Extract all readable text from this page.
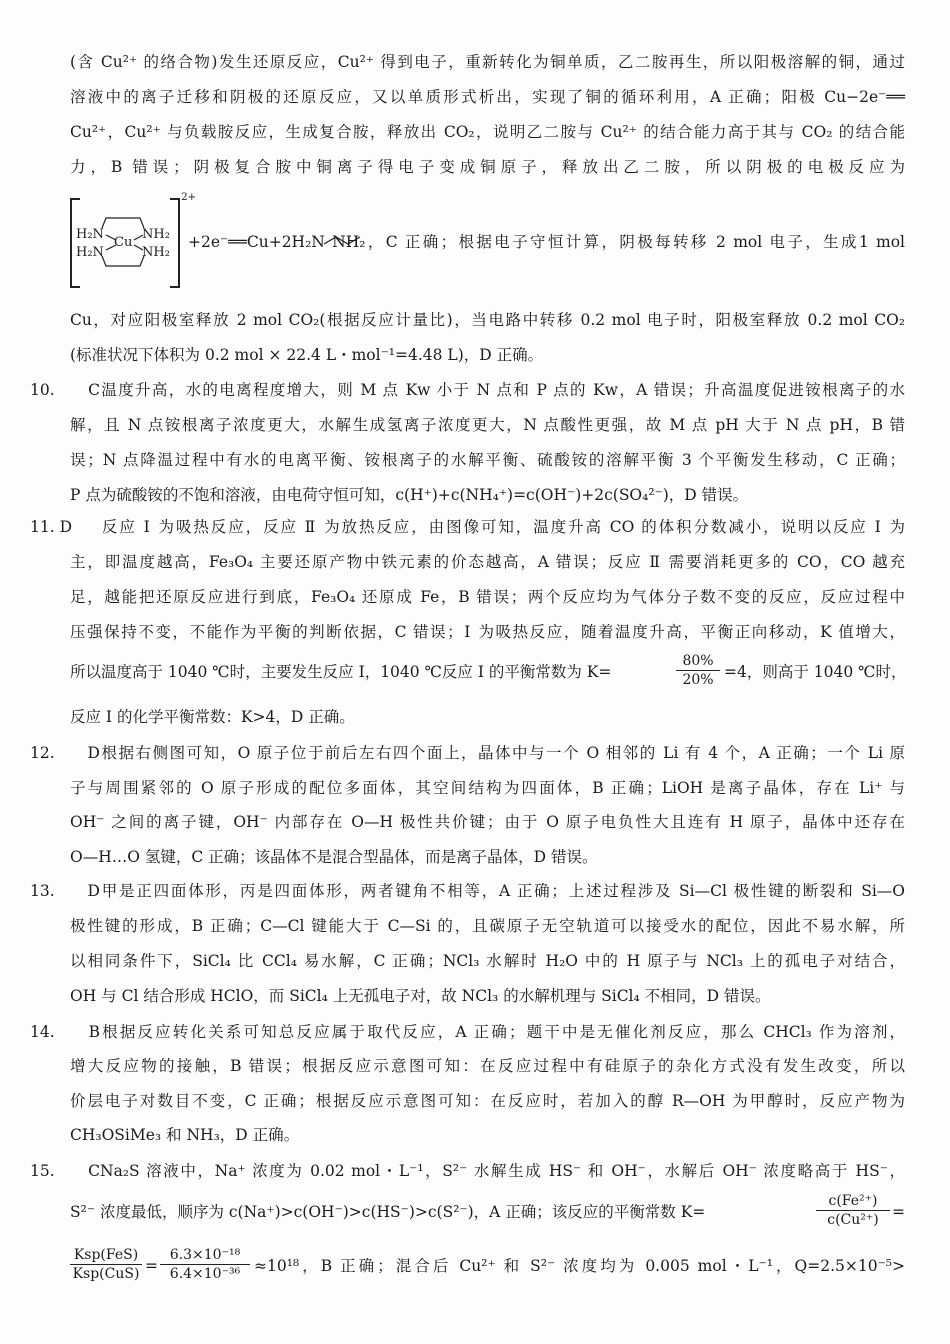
(含 Cu²⁺ 的络合物)发生还原反应，Cu²⁺ 得到电子，重新转化为铜单质，乙二胺再生，所以阳极溶解的铜，通过
溶液中的离子迁移和阴极的还原反应，又以单质形式析出，实现了铜的循环利用，A 正确；阳极 Cu−2e⁻══
Cu²⁺，Cu²⁺ 与负载胺反应，生成复合胺，释放出 CO₂，说明乙二胺与 Cu²⁺ 的结合能力高于其与 CO₂ 的结合能
力，B 错误；阴极复合胺中铜离子得电子变成铜原子，释放出乙二胺，所以阴极的电极反应为
H₂N
H₂N
Cu
NH₂
NH₂
2+
+2e⁻══Cu+2H₂N NH₂，C 正确；根据电子守恒计算，阴极每转移 2 mol 电子，生成1 mol
Cu，对应阳极室释放 2 mol CO₂(根据反应计量比)，当电路中转移 0.2 mol 电子时，阳极室释放 0.2 mol CO₂
(标准状况下体积为 0.2 mol × 22.4 L・mol⁻¹=4.48 L)，D 正确。
10. C温度升高，水的电离程度增大，则 M 点 Kw 小于 N 点和 P 点的 Kw，A 错误；升高温度促进铵根离子的水
解，且 N 点铵根离子浓度更大，水解生成氢离子浓度更大，N 点酸性更强，故 M 点 pH 大于 N 点 pH，B 错
误；N 点降温过程中有水的电离平衡、铵根离子的水解平衡、硫酸铵的溶解平衡 3 个平衡发生移动，C 正确；
P 点为硫酸铵的不饱和溶液，由电荷守恒可知，c(H⁺)+c(NH₄⁺)=c(OH⁻)+2c(SO₄²⁻)，D 错误。
11. D 反应 Ⅰ 为吸热反应，反应 Ⅱ 为放热反应，由图像可知，温度升高 CO 的体积分数减小，说明以反应 Ⅰ 为
主，即温度越高，Fe₃O₄ 主要还原产物中铁元素的价态越高，A 错误；反应 Ⅱ 需要消耗更多的 CO，CO 越充
足，越能把还原反应进行到底，Fe₃O₄ 还原成 Fe，B 错误；两个反应均为气体分子数不变的反应，反应过程中
压强保持不变，不能作为平衡的判断依据，C 错误；Ⅰ 为吸热反应，随着温度升高，平衡正向移动，K 值增大，
所以温度高于 1040 ℃时，主要发生反应 Ⅰ，1040 ℃反应 Ⅰ 的平衡常数为 K=	$\frac{80\%}{20\%} =4$，则高于 1040 ℃时，
反应 Ⅰ 的化学平衡常数：K>4，D 正确。
12. D根据右侧图可知，O 原子位于前后左右四个面上，晶体中与一个 O 相邻的 Li 有 4 个，A 正确；一个 Li 原
子与周围紧邻的 O 原子形成的配位多面体，其空间结构为四面体，B 正确；LiOH 是离子晶体，存在 Li⁺ 与
OH⁻ 之间的离子键，OH⁻ 内部存在 O—H 极性共价键；由于 O 原子电负性大且连有 H 原子，晶体中还存在
O—H…O 氢键，C 正确；该晶体不是混合型晶体，而是离子晶体，D 错误。
13. D甲是正四面体形，丙是四面体形，两者键角不相等，A 正确；上述过程涉及 Si—Cl 极性键的断裂和 Si—O
极性键的形成，B 正确；C—Cl 键能大于 C—Si 的，且碳原子无空轨道可以接受水的配位，因此不易水解，所
以相同条件下，SiCl₄ 比 CCl₄ 易水解，C 正确；NCl₃ 水解时 H₂O 中的 H 原子与 NCl₃ 上的孤电子对结合，
OH 与 Cl 结合形成 HClO，而 SiCl₄ 上无孤电子对，故 NCl₃ 的水解机理与 SiCl₄ 不相同，D 错误。
14. B根据反应转化关系可知总反应属于取代反应，A 正确；题干中是无催化剂反应，那么 CHCl₃ 作为溶剂，
增大反应物的接触，B 错误；根据反应示意图可知：在反应过程中有硅原子的杂化方式没有发生改变，所以
价层电子对数目不变，C 正确；根据反应示意图可知：在反应时，若加入的醇 R—OH 为甲醇时，反应产物为
CH₃OSiMe₃ 和 NH₃，D 正确。
15. CNa₂S 溶液中，Na⁺ 浓度为 0.02 mol・L⁻¹，S²⁻ 水解生成 HS⁻ 和 OH⁻，水解后 OH⁻ 浓度略高于 HS⁻，
S²⁻ 浓度最低，顺序为 c(Na⁺)>c(OH⁻)>c(HS⁻)>c(S²⁻)，A 正确；该反应的平衡常数 K=	$\frac{\text{c(Fe²⁺)}}{\text{c(Cu²⁺)}}$ =
Ksp(FeS)
$Ksp(CuS) = \frac{\text{6.3×10⁻¹⁸}}{\text{6.4×10⁻³⁶}} \approx 10^{18}$，B 正确；混合后 Cu²⁺ 和 S²⁻ 浓度均为 0.005 mol・L⁻¹，Q=2.5×10⁻⁵>
